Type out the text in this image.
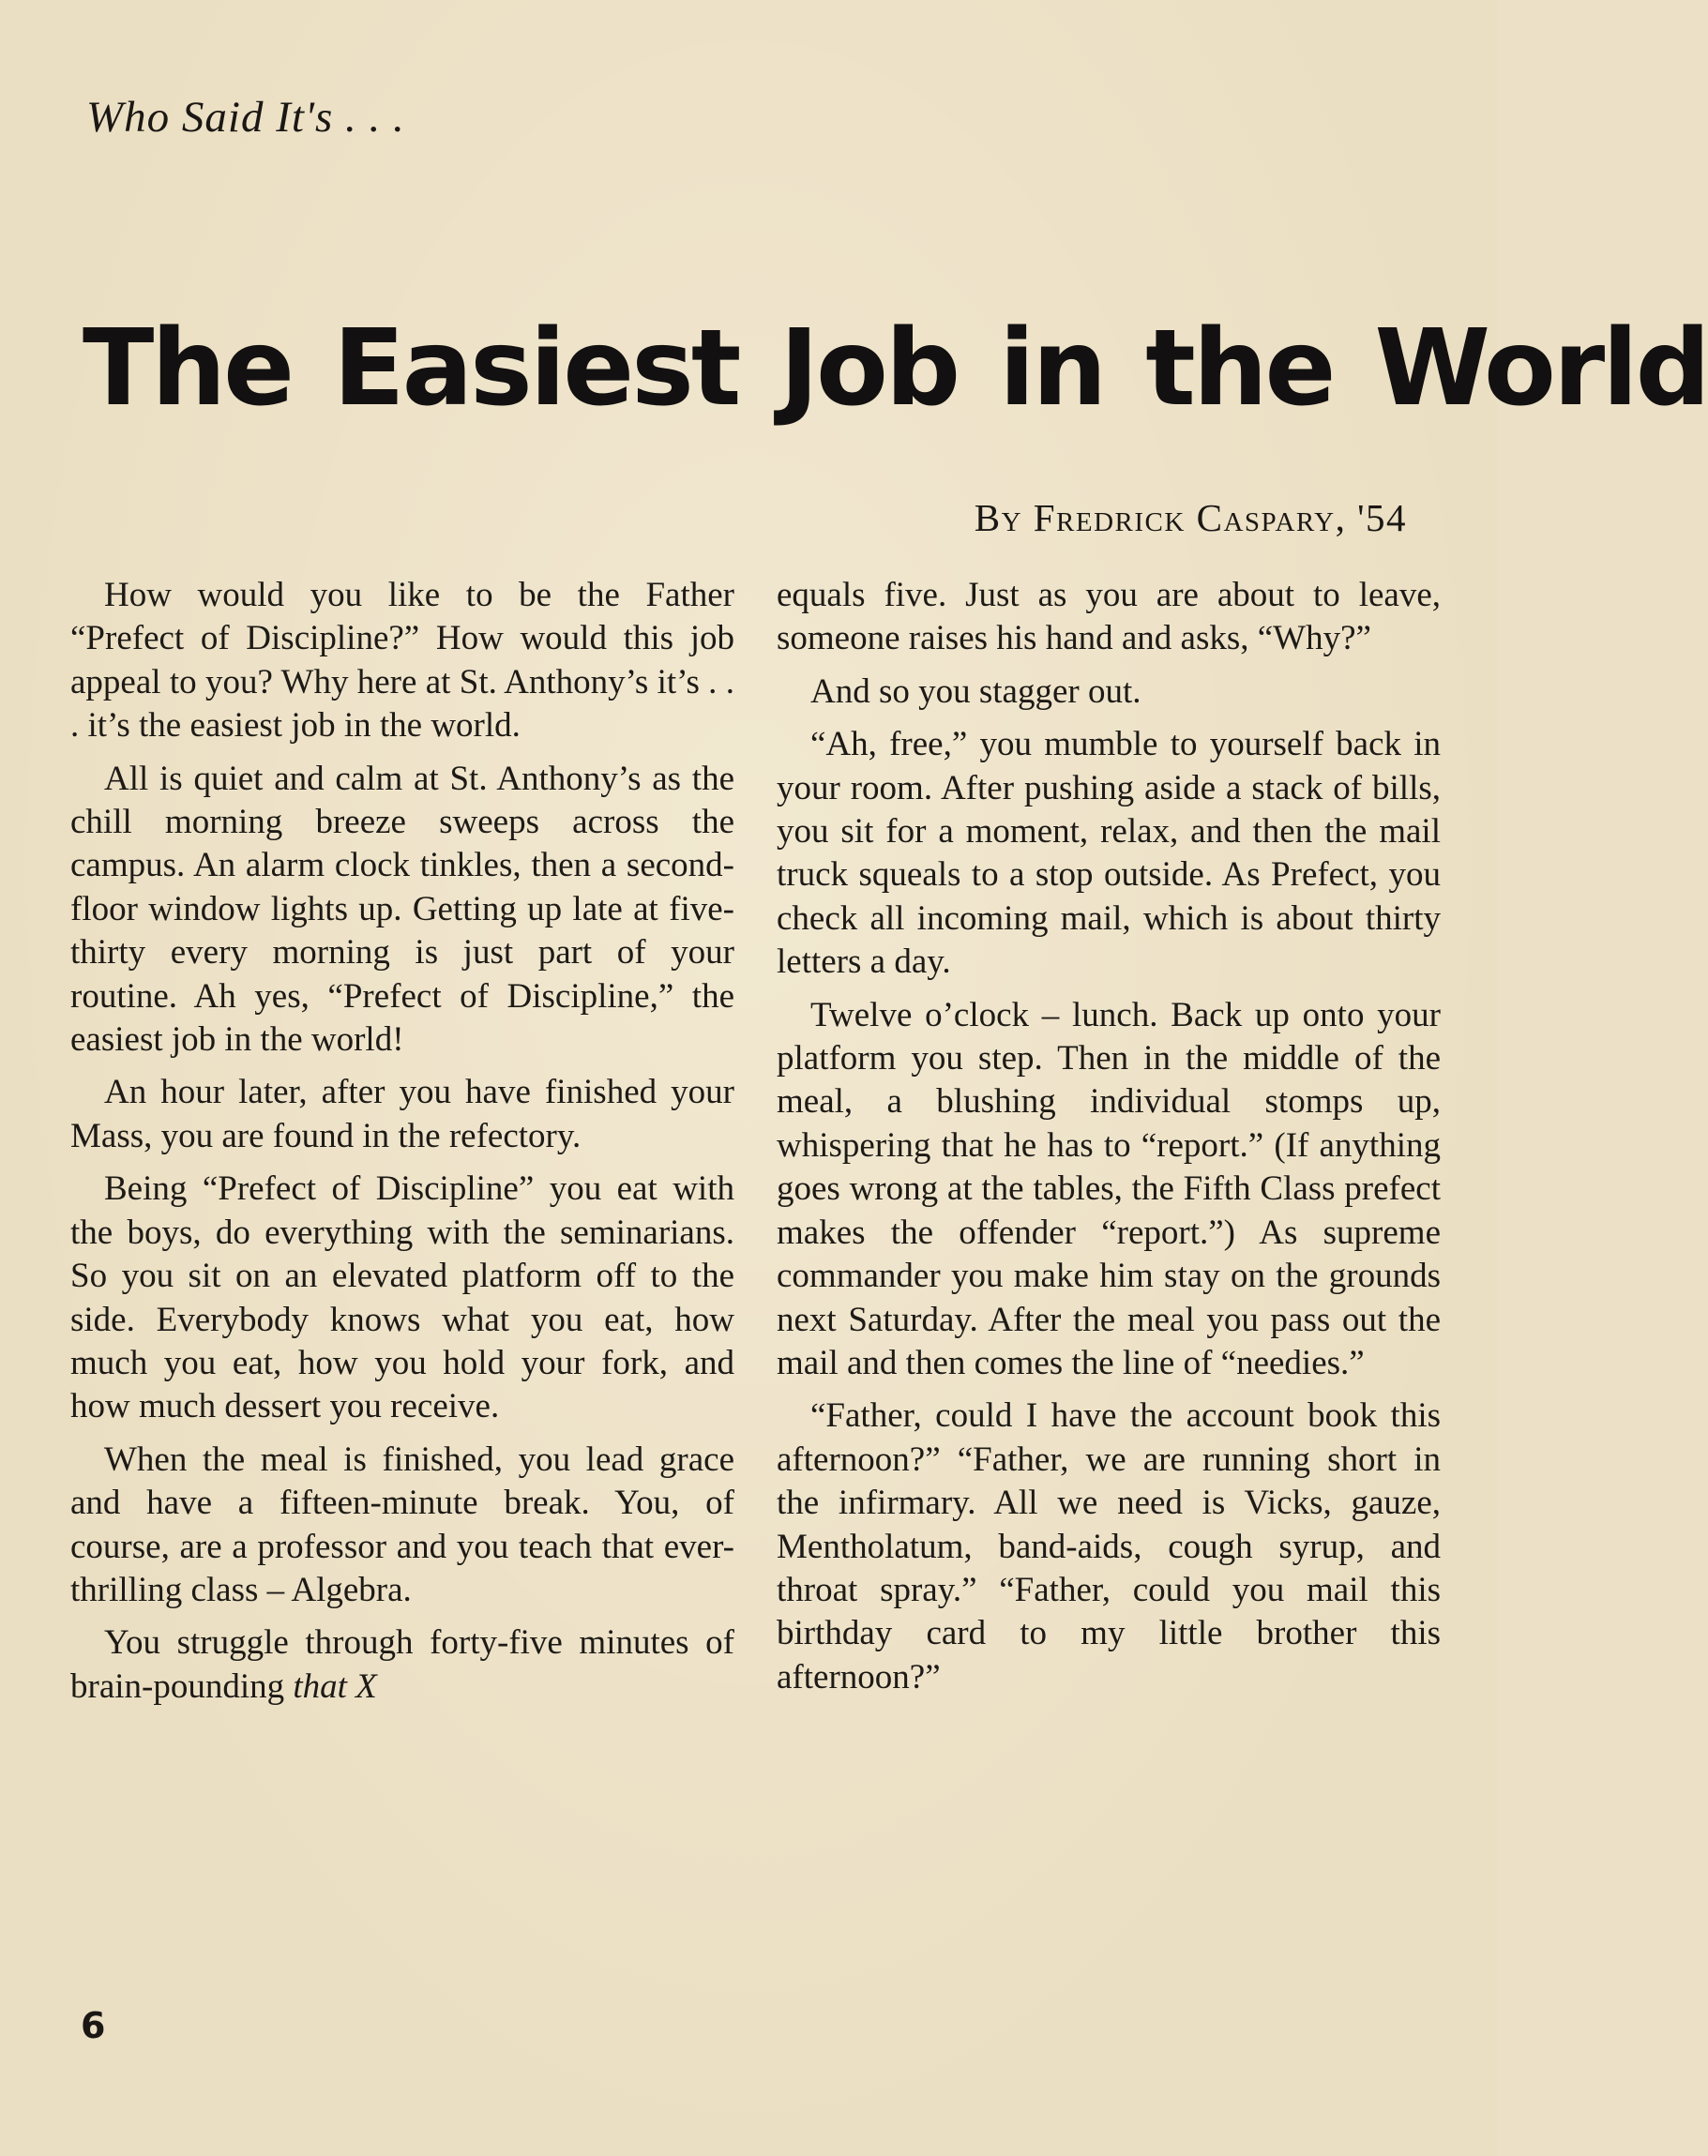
Who Said It's . . .
The Easiest Job in the World
By Fredrick Caspary, '54

How would you like to be the Father “Prefect of Discipline?” How would this job appeal to you? Why here at St. Anthony’s it’s . . . it’s the easiest job in the world.

All is quiet and calm at St. Anthony’s as the chill morning breeze sweeps across the campus. An alarm clock tinkles, then a second-floor window lights up. Getting up late at five-thirty every morning is just part of your routine. Ah yes, “Prefect of Discipline,” the easiest job in the world!

An hour later, after you have finished your Mass, you are found in the refectory.

Being “Prefect of Discipline” you eat with the boys, do everything with the seminarians. So you sit on an elevated platform off to the side. Everybody knows what you eat, how much you eat, how you hold your fork, and how much dessert you receive.

When the meal is finished, you lead grace and have a fifteen-minute break. You, of course, are a professor and you teach that ever-thrilling class – Algebra.

You struggle through forty-five minutes of brain-pounding that X

equals five. Just as you are about to leave, someone raises his hand and asks, “Why?”

And so you stagger out.

“Ah, free,” you mumble to yourself back in your room. After pushing aside a stack of bills, you sit for a moment, relax, and then the mail truck squeals to a stop outside. As Prefect, you check all incoming mail, which is about thirty letters a day.

Twelve o’clock – lunch. Back up onto your platform you step. Then in the middle of the meal, a blushing individual stomps up, whispering that he has to “report.” (If anything goes wrong at the tables, the Fifth Class prefect makes the offender “report.”) As supreme commander you make him stay on the grounds next Saturday. After the meal you pass out the mail and then comes the line of “needies.”

“Father, could I have the account book this afternoon?” “Father, we are running short in the infirmary. All we need is Vicks, gauze, Mentholatum, band-aids, cough syrup, and throat spray.” “Father, could you mail this birthday card to my little brother this afternoon?”

6
